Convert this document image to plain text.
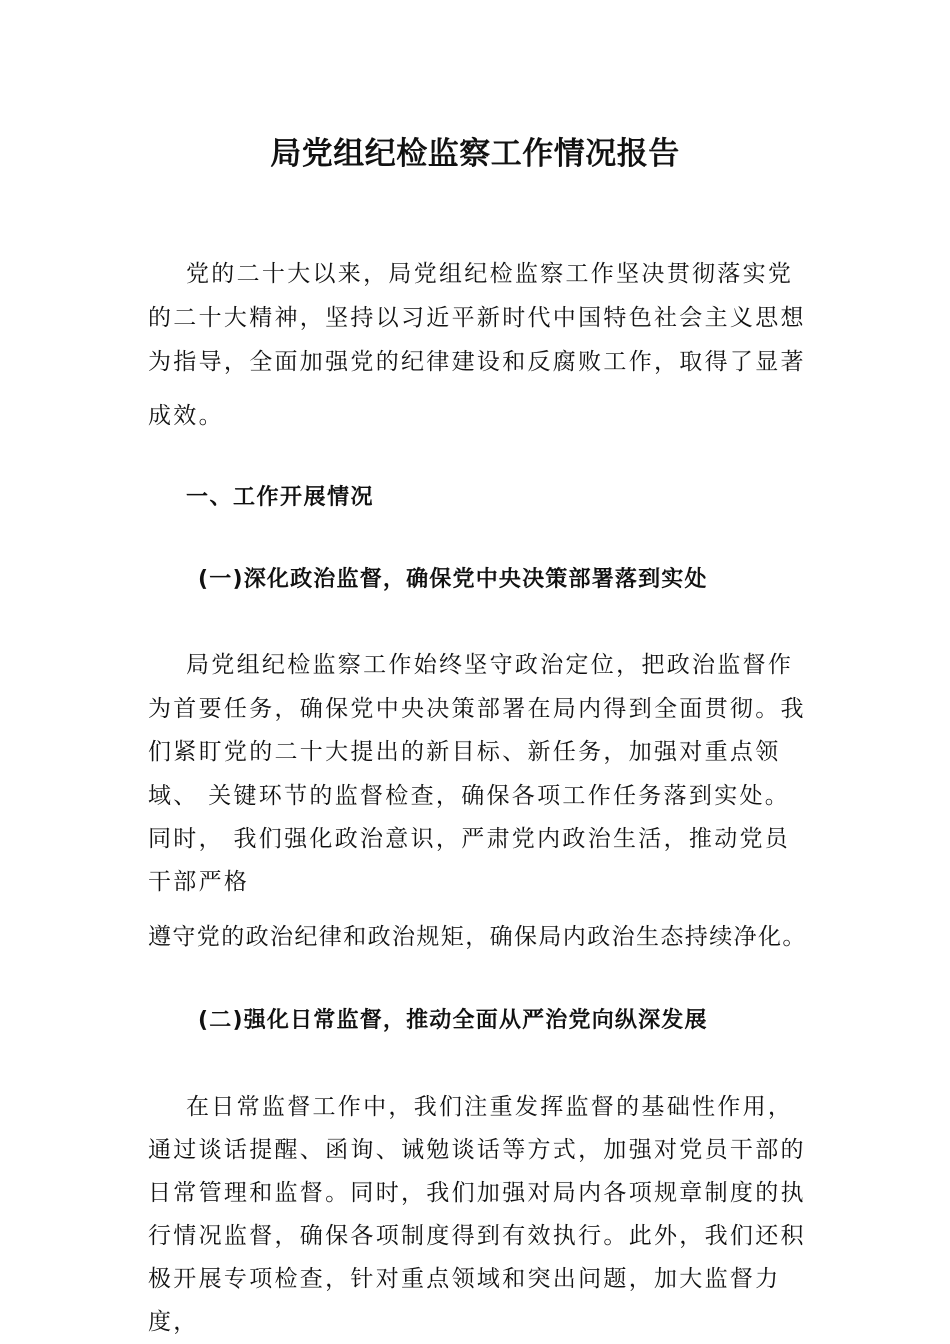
局党组纪检监察工作情况报告
党的二十大以来，局党组纪检监察工作坚决贯彻落实党
的二十大精神，坚持以习近平新时代中国特色社会主义思想
为指导，全面加强党的纪律建设和反腐败工作，取得了显著
成效。
一、工作开展情况
(一)深化政治监督，确保党中央决策部署落到实处
局党组纪检监察工作始终坚守政治定位，把政治监督作
为首要任务，确保党中央决策部署在局内得到全面贯彻。我
们紧盯党的二十大提出的新目标、新任务，加强对重点领
域、 关键环节的监督检查，确保各项工作任务落到实处。
同时， 我们强化政治意识，严肃党内政治生活，推动党员
干部严格
遵守党的政治纪律和政治规矩，确保局内政治生态持续净化。
(二)强化日常监督，推动全面从严治党向纵深发展
在日常监督工作中，我们注重发挥监督的基础性作用，
通过谈话提醒、函询、诫勉谈话等方式，加强对党员干部的
日常管理和监督。同时，我们加强对局内各项规章制度的执
行情况监督，确保各项制度得到有效执行。此外，我们还积
极开展专项检查，针对重点领域和突出问题，加大监督力
度，
